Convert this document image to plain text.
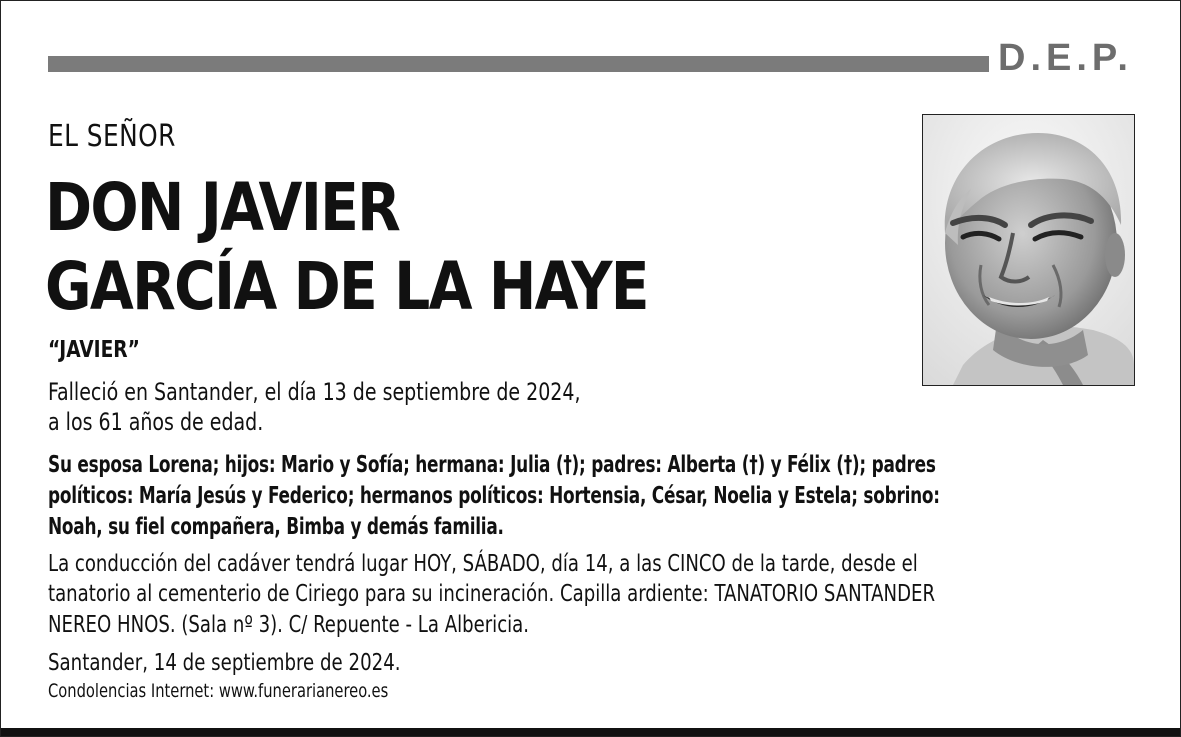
D.E.P.
EL SEÑOR
DON JAVIER
GARCÍA DE LA HAYE
“JAVIER”
Falleció en Santander, el día 13 de septiembre de 2024,
a los 61 años de edad.
Su esposa Lorena; hijos: Mario y Sofía; hermana: Julia (†); padres: Alberta (†) y Félix (†); padres
políticos: María Jesús y Federico; hermanos políticos: Hortensia, César, Noelia y Estela; sobrino:
Noah, su fiel compañera, Bimba y demás familia.
La conducción del cadáver tendrá lugar HOY, SÁBADO, día 14, a las CINCO de la tarde, desde el
tanatorio al cementerio de Ciriego para su incineración. Capilla ardiente: TANATORIO SANTANDER
NEREO HNOS. (Sala nº 3). C/ Repuente - La Albericia.
Santander, 14 de septiembre de 2024.
Condolencias Internet: www.funerarianereo.es
